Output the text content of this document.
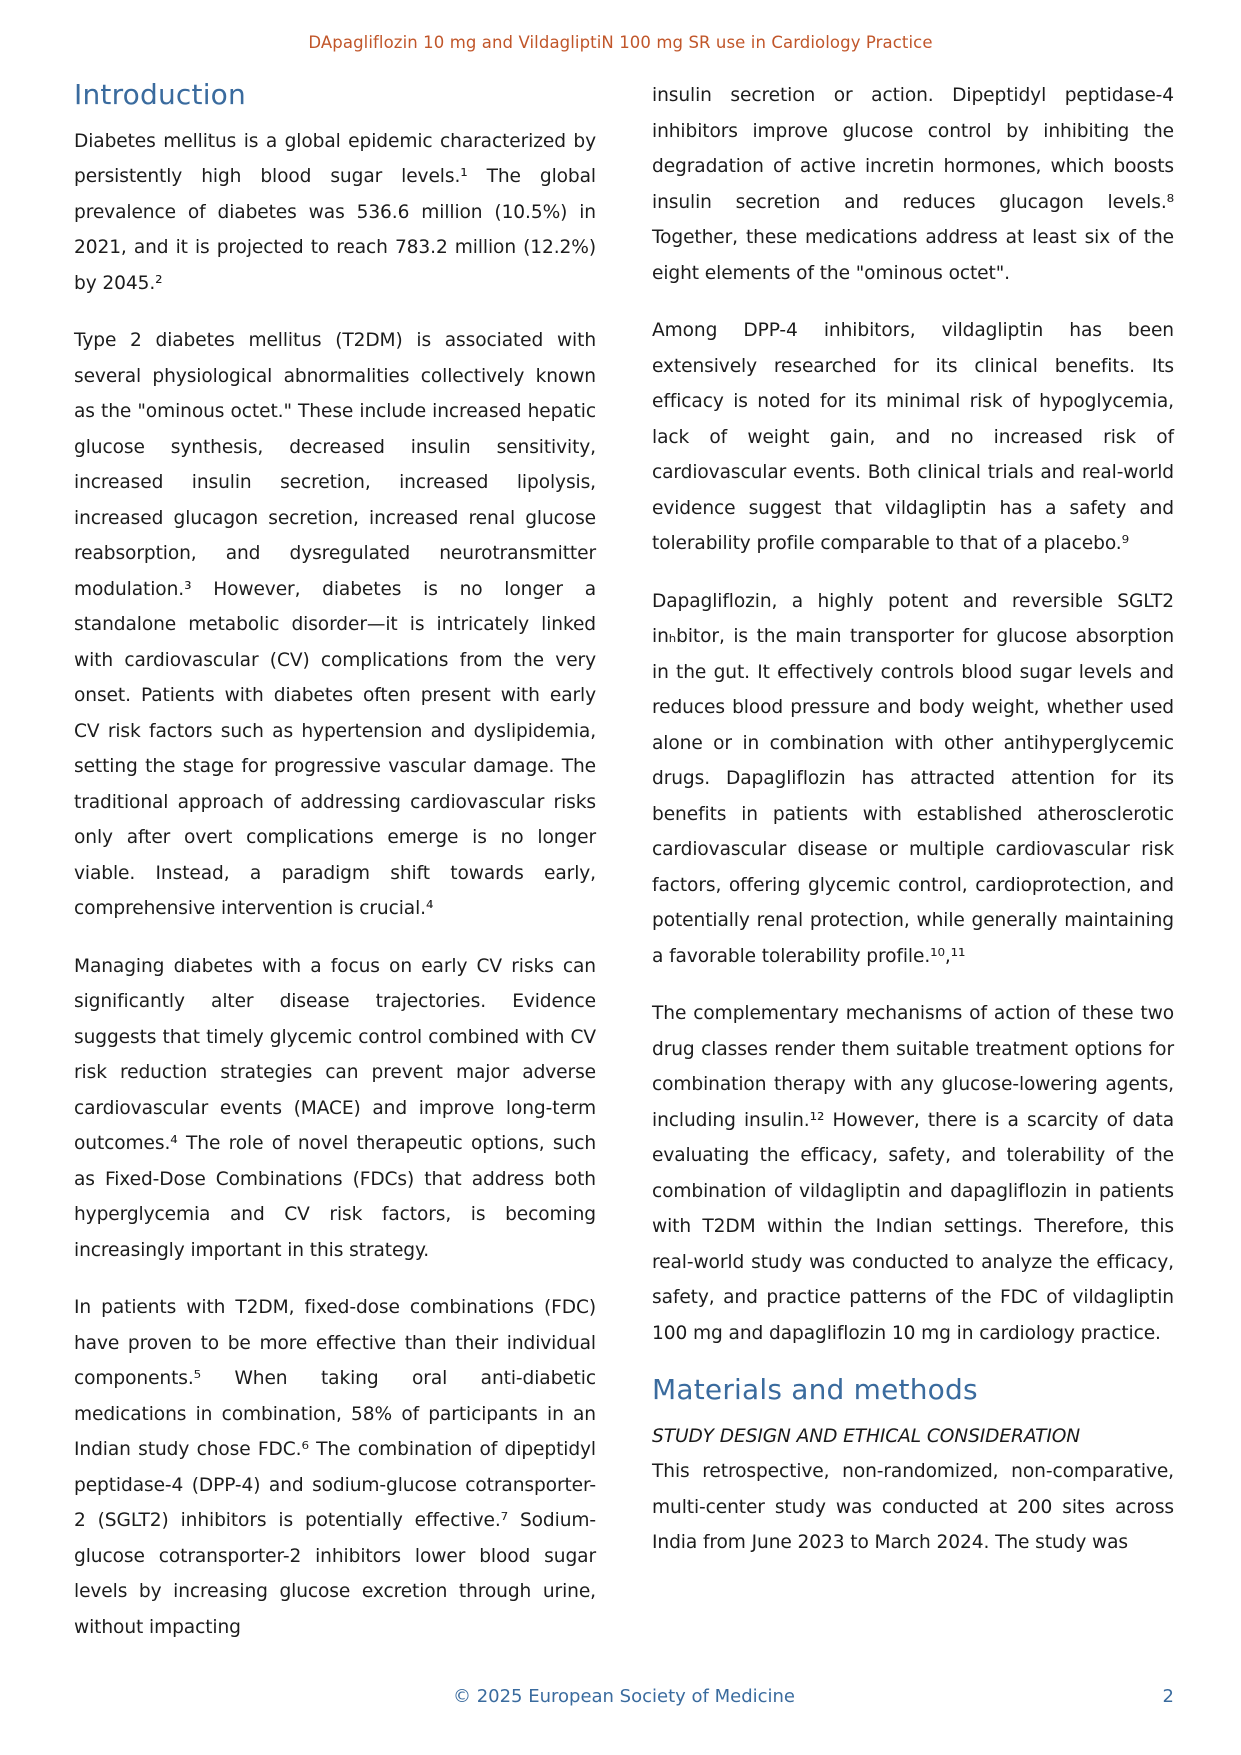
DApagliflozin 10 mg and VildagliptiN 100 mg SR use in Cardiology Practice
Introduction

Diabetes mellitus is a global epidemic characterized by persistently high blood sugar levels.¹ The global prevalence of diabetes was 536.6 million (10.5%) in 2021, and it is projected to reach 783.2 million (12.2%) by 2045.²

Type 2 diabetes mellitus (T2DM) is associated with several physiological abnormalities collectively known as the "ominous octet." These include increased hepatic glucose synthesis, decreased insulin sensitivity, increased insulin secretion, increased lipolysis, increased glucagon secretion, increased renal glucose reabsorption, and dysregulated neurotransmitter modulation.³ However, diabetes is no longer a standalone metabolic disorder—it is intricately linked with cardiovascular (CV) complications from the very onset. Patients with diabetes often present with early CV risk factors such as hypertension and dyslipidemia, setting the stage for progressive vascular damage. The traditional approach of addressing cardiovascular risks only after overt complications emerge is no longer viable. Instead, a paradigm shift towards early, comprehensive intervention is crucial.⁴

Managing diabetes with a focus on early CV risks can significantly alter disease trajectories. Evidence suggests that timely glycemic control combined with CV risk reduction strategies can prevent major adverse cardiovascular events (MACE) and improve long-term outcomes.⁴ The role of novel therapeutic options, such as Fixed-Dose Combinations (FDCs) that address both hyperglycemia and CV risk factors, is becoming increasingly important in this strategy.

In patients with T2DM, fixed-dose combinations (FDC) have proven to be more effective than their individual components.⁵ When taking oral anti-diabetic medications in combination, 58% of participants in an Indian study chose FDC.⁶ The combination of dipeptidyl peptidase-4 (DPP-4) and sodium-glucose cotransporter-2 (SGLT2) inhibitors is potentially effective.⁷ Sodium-glucose cotransporter-2 inhibitors lower blood sugar levels by increasing glucose excretion through urine, without impacting

insulin secretion or action. Dipeptidyl peptidase-4 inhibitors improve glucose control by inhibiting the degradation of active incretin hormones, which boosts insulin secretion and reduces glucagon levels.⁸ Together, these medications address at least six of the eight elements of the "ominous octet".

Among DPP-4 inhibitors, vildagliptin has been extensively researched for its clinical benefits. Its efficacy is noted for its minimal risk of hypoglycemia, lack of weight gain, and no increased risk of cardiovascular events. Both clinical trials and real-world evidence suggest that vildagliptin has a safety and tolerability profile comparable to that of a placebo.⁹

Dapagliflozin, a highly potent and reversible SGLT2 inₕbitor, is the main transporter for glucose absorption in the gut. It effectively controls blood sugar levels and reduces blood pressure and body weight, whether used alone or in combination with other antihyperglycemic drugs. Dapagliflozin has attracted attention for its benefits in patients with established atherosclerotic cardiovascular disease or multiple cardiovascular risk factors, offering glycemic control, cardioprotection, and potentially renal protection, while generally maintaining a favorable tolerability profile.¹⁰,¹¹

The complementary mechanisms of action of these two drug classes render them suitable treatment options for combination therapy with any glucose-lowering agents, including insulin.¹² However, there is a scarcity of data evaluating the efficacy, safety, and tolerability of the combination of vildagliptin and dapagliflozin in patients with T2DM within the Indian settings. Therefore, this real-world study was conducted to analyze the efficacy, safety, and practice patterns of the FDC of vildagliptin 100 mg and dapagliflozin 10 mg in cardiology practice.

Materials and methods

STUDY DESIGN AND ETHICAL CONSIDERATION

This retrospective, non-randomized, non-comparative, multi-center study was conducted at 200 sites across India from June 2023 to March 2024. The study was

© 2025 European Society of Medicine	2
